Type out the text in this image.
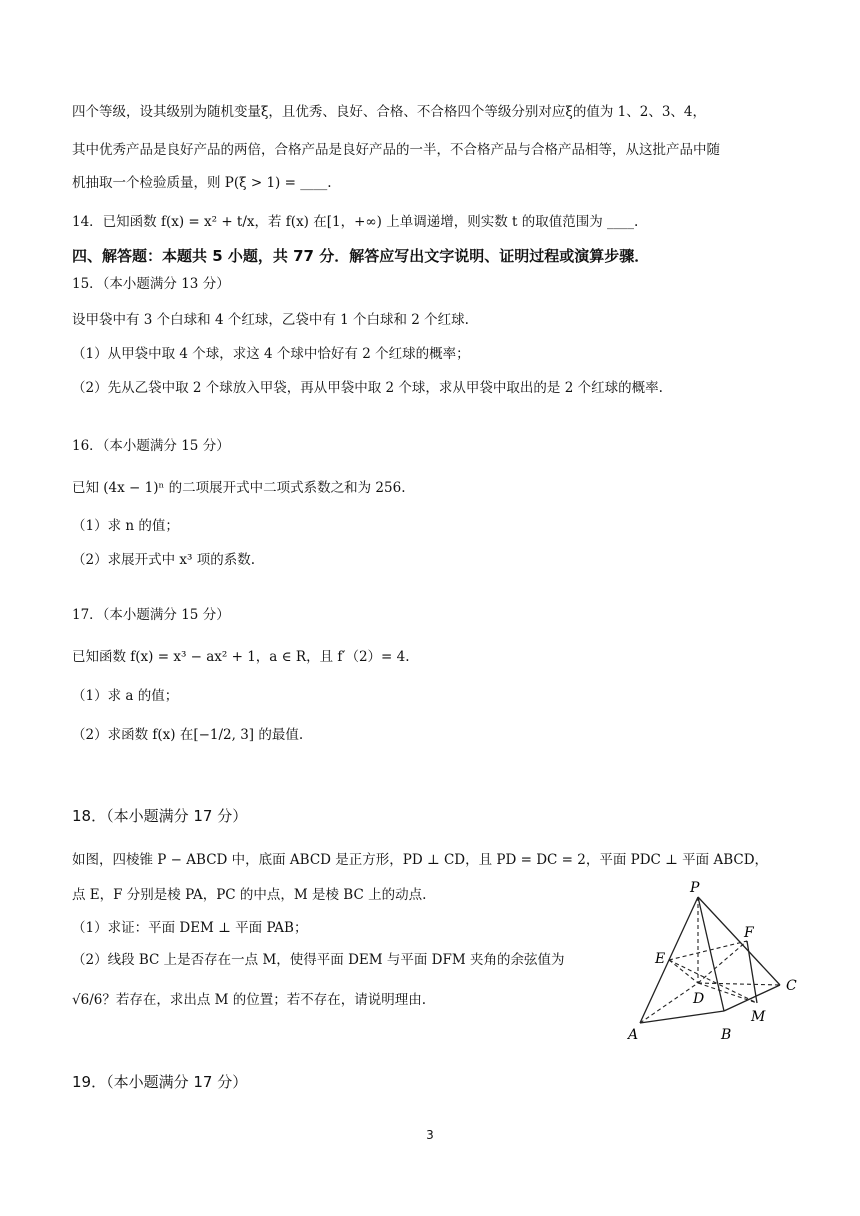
四个等级，设其级别为随机变量ξ，且优秀、良好、合格、不合格四个等级分别对应ξ的值为 1、2、3、4，
其中优秀产品是良好产品的两倍，合格产品是良好产品的一半，不合格产品与合格产品相等，从这批产品中随
机抽取一个检验质量，则 P(ξ > 1) = ____.
14．已知函数 f(x) = x² + t/x，若 f(x) 在[1，+∞) 上单调递增，则实数 t 的取值范围为 ____.
四、解答题：本题共 5 小题，共 77 分．解答应写出文字说明、证明过程或演算步骤．
15．（本小题满分 13 分）
设甲袋中有 3 个白球和 4 个红球，乙袋中有 1 个白球和 2 个红球.
（1）从甲袋中取 4 个球，求这 4 个球中恰好有 2 个红球的概率；
（2）先从乙袋中取 2 个球放入甲袋，再从甲袋中取 2 个球，求从甲袋中取出的是 2 个红球的概率.
16．（本小题满分 15 分）
已知 (4x − 1)ⁿ 的二项展开式中二项式系数之和为 256.
（1）求 n 的值；
（2）求展开式中 x³ 项的系数.
17．（本小题满分 15 分）
已知函数 f(x) = x³ − ax² + 1，a ∈ R，且 f′（2）= 4.
（1）求 a 的值；
（2）求函数 f(x) 在[−1/2, 3] 的最值.
18．（本小题满分 17 分）
如图，四棱锥 P − ABCD 中，底面 ABCD 是正方形，PD ⊥ CD，且 PD = DC = 2，平面 PDC ⊥ 平面 ABCD，
点 E，F 分别是棱 PA，PC 的中点，M 是棱 BC 上的动点.
（1）求证：平面 DEM ⊥ 平面 PAB；
（2）线段 BC 上是否存在一点 M，使得平面 DEM 与平面 DFM 夹角的余弦值为
√6/6？若存在，求出点 M 的位置；若不存在，请说明理由.
P
F
E
C
D
M
A	B
19．（本小题满分 17 分）
3
